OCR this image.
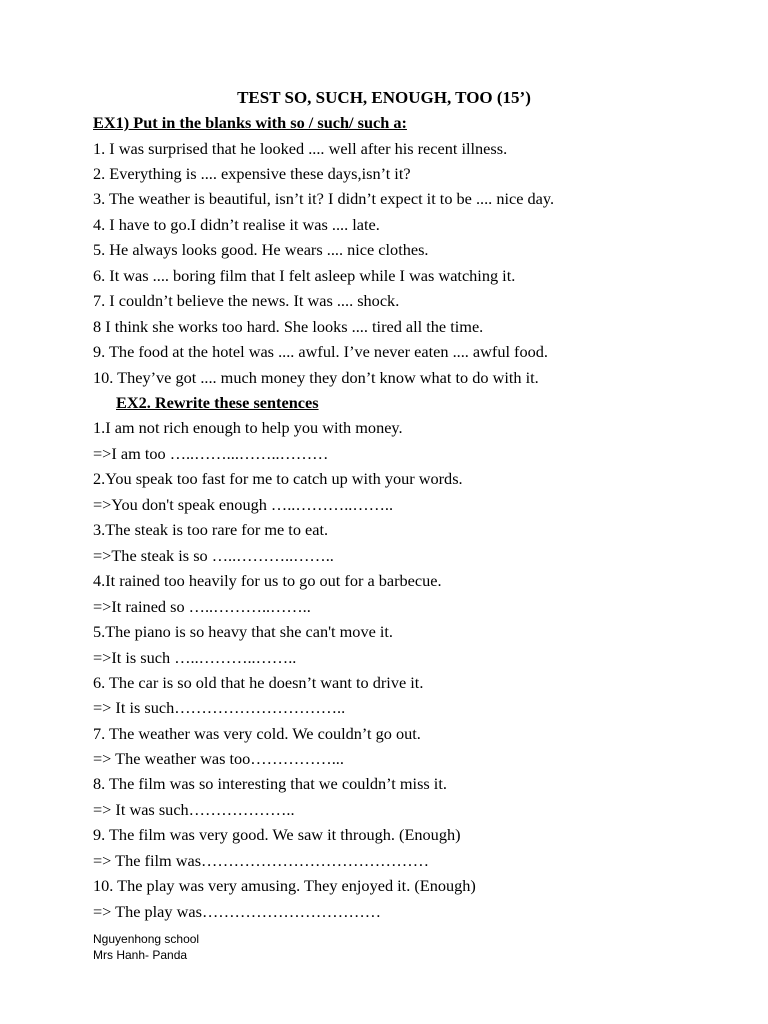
TEST SO, SUCH, ENOUGH, TOO (15’)
EX1) Put in the blanks with so / such/ such a:
1. I was surprised that he looked .... well after his recent illness.
2. Everything is .... expensive these days,isn’t it?
3. The weather is beautiful, isn’t it? I didn’t expect it to be .... nice day.
4. I have to go.I didn’t realise it was .... late.
5. He always looks good. He wears .... nice clothes.
6. It was .... boring film that I felt asleep while I was watching it.
7. I couldn’t believe the news. It was .... shock.
8 I think she works too hard. She looks .... tired all the time.
9. The food at the hotel was .... awful. I’ve never eaten .... awful food.
10. They’ve got .... much money they don’t know what to do with it.
EX2. Rewrite these sentences
1.I am not rich enough to help you with money.
=>I am too …..……...……..………
2.You speak too fast for me to catch up with your words.
=>You don't speak enough …..………..……..
3.The steak is too rare for me to eat.
=>The steak is so …..………..……..
4.It rained too heavily for us to go out for a barbecue.
=>It rained so …..………..……..
5.The piano is so heavy that she can't move it.
=>It is such …..………..……..
6. The car is so old that he doesn’t want to drive it.
=> It is such…………………………..
7. The weather was very cold. We couldn’t go out.
=> The weather was too……………...
8. The film was so interesting that we couldn’t miss it.
=> It was such………………..
9. The film was very good. We saw it through. (Enough)
=> The film was……………………………………
10. The play was very amusing. They enjoyed it. (Enough)
=> The play was……………………………
Nguyenhong school
Mrs Hanh- Panda
